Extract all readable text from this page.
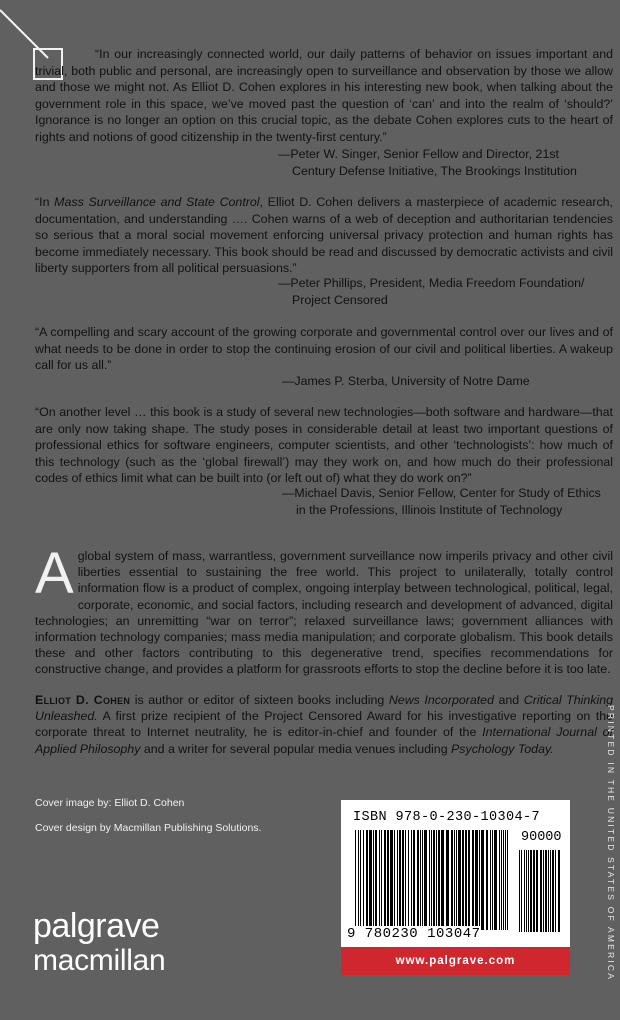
“In our increasingly connected world, our daily patterns of behavior on issues important and trivial, both public and personal, are increasingly open to surveillance and observation by those we allow and those we might not. As Elliot D. Cohen explores in his interesting new book, when talking about the government role in this space, we’ve moved past the question of ‘can’ and into the realm of ‘should?’ Ignorance is no longer an option on this crucial topic, as the debate Cohen explores cuts to the heart of rights and notions of good citizenship in the twenty-first century.”
—Peter W. Singer, Senior Fellow and Director, 21st
Century Defense Initiative, The Brookings Institution
“In Mass Surveillance and State Control, Elliot D. Cohen delivers a masterpiece of academic research, documentation, and understanding …. Cohen warns of a web of deception and authoritarian tendencies so serious that a moral social movement enforcing universal privacy protection and human rights has become immediately necessary. This book should be read and discussed by democratic activists and civil liberty supporters from all political persuasions.”
—Peter Phillips, President, Media Freedom Foundation/
Project Censored
“A compelling and scary account of the growing corporate and governmental control over our lives and of what needs to be done in order to stop the continuing erosion of our civil and political liberties. A wakeup call for us all.”
—James P. Sterba, University of Notre Dame
“On another level … this book is a study of several new technologies—both software and hardware—that are only now taking shape. The study poses in considerable detail at least two important questions of professional ethics for software engineers, computer scientists, and other ‘technologists’: how much of this technology (such as the ‘global firewall’) may they work on, and how much do their professional codes of ethics limit what can be built into (or left out of) what they do work on?”
—Michael Davis, Senior Fellow, Center for Study of Ethics
in the Professions, Illinois Institute of Technology
Aglobal system of mass, warrantless, government surveillance now imperils privacy and other civil liberties essential to sustaining the free world. This project to unilaterally, totally control information flow is a product of complex, ongoing interplay between technological, political, legal, corporate, economic, and social factors, including research and development of advanced, digital technologies; an unremitting “war on terror”; relaxed surveillance laws; government alliances with information technology companies; mass media manipulation; and corporate globalism. This book details these and other factors contributing to this degenerative trend, specifies recommendations for constructive change, and provides a platform for grassroots efforts to stop the decline before it is too late.
Elliot D. Cohen is author or editor of sixteen books including News Incorporated and Critical Thinking Unleashed. A first prize recipient of the Project Censored Award for his investigative reporting on the corporate threat to Internet neutrality, he is editor-in-chief and founder of the International Journal of Applied Philosophy and a writer for several popular media venues including Psychology Today.
Cover image by: Elliot D. Cohen
Cover design by Macmillan Publishing Solutions.
palgrave
macmillan
ISBN 978-0-230-10304-7
90000
9 780230 103047
www.palgrave.com	PRINTED IN THE UNITED STATES OF AMERICA
